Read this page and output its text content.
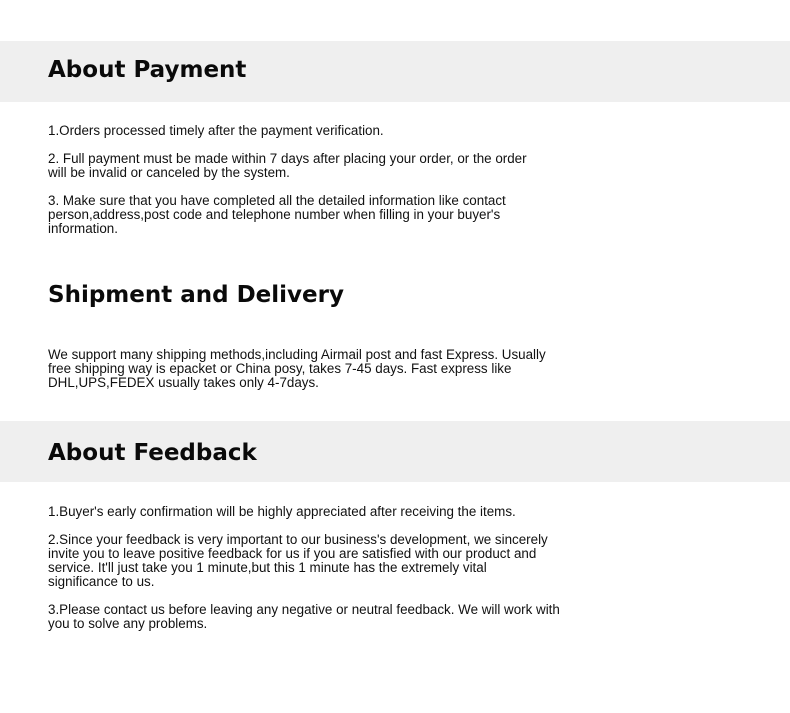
About Payment

1.Orders processed timely after the payment verification.

2. Full payment must be made within 7 days after placing your order, or the order
will be invalid or canceled by the system.

3. Make sure that you have completed all the detailed information like contact
person,address,post code and telephone number when filling in your buyer's
information.

Shipment and Delivery

We support many shipping methods,including Airmail post and fast Express. Usually
free shipping way is epacket or China posy, takes 7-45 days. Fast express like
DHL,UPS,FEDEX usually takes only 4-7days.

About Feedback

1.Buyer's early confirmation will be highly appreciated after receiving the items.

2.Since your feedback is very important to our business's development, we sincerely
invite you to leave positive feedback for us if you are satisfied with our product and
service. It'll just take you 1 minute,but this 1 minute has the extremely vital
significance to us.

3.Please contact us before leaving any negative or neutral feedback. We will work with
you to solve any problems.
